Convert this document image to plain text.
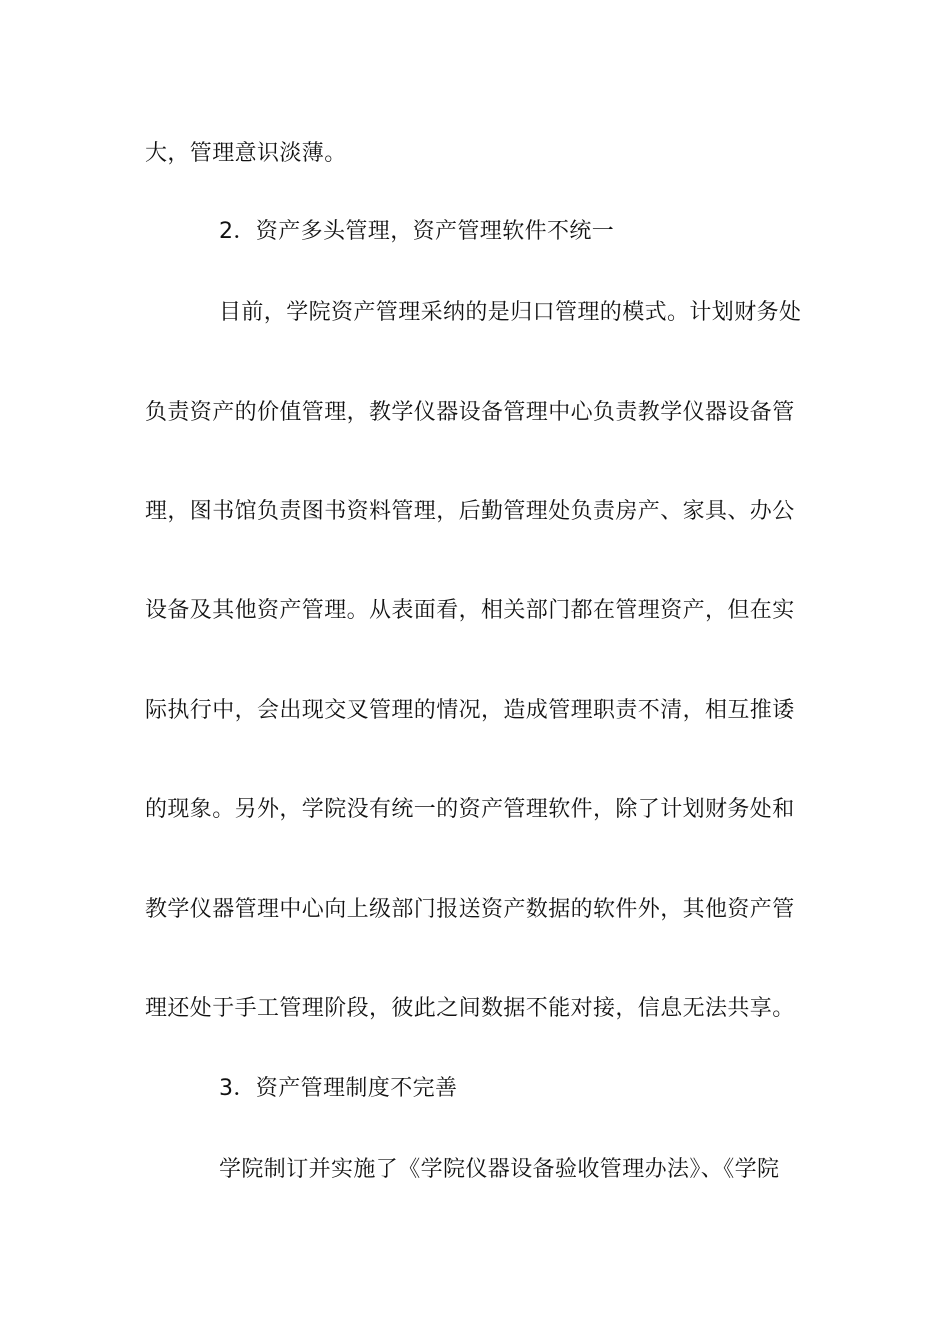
大，管理意识淡薄。
2．资产多头管理，资产管理软件不统一
目前，学院资产管理采纳的是归口管理的模式。计划财务处
负责资产的价值管理，教学仪器设备管理中心负责教学仪器设备管
理，图书馆负责图书资料管理，后勤管理处负责房产、家具、办公
设备及其他资产管理。从表面看，相关部门都在管理资产，但在实
际执行中，会出现交叉管理的情况，造成管理职责不清，相互推诿
的现象。另外，学院没有统一的资产管理软件，除了计划财务处和
教学仪器管理中心向上级部门报送资产数据的软件外，其他资产管
理还处于手工管理阶段，彼此之间数据不能对接，信息无法共享。
3．资产管理制度不完善
学院制订并实施了《学院仪器设备验收管理办法》、《学院
